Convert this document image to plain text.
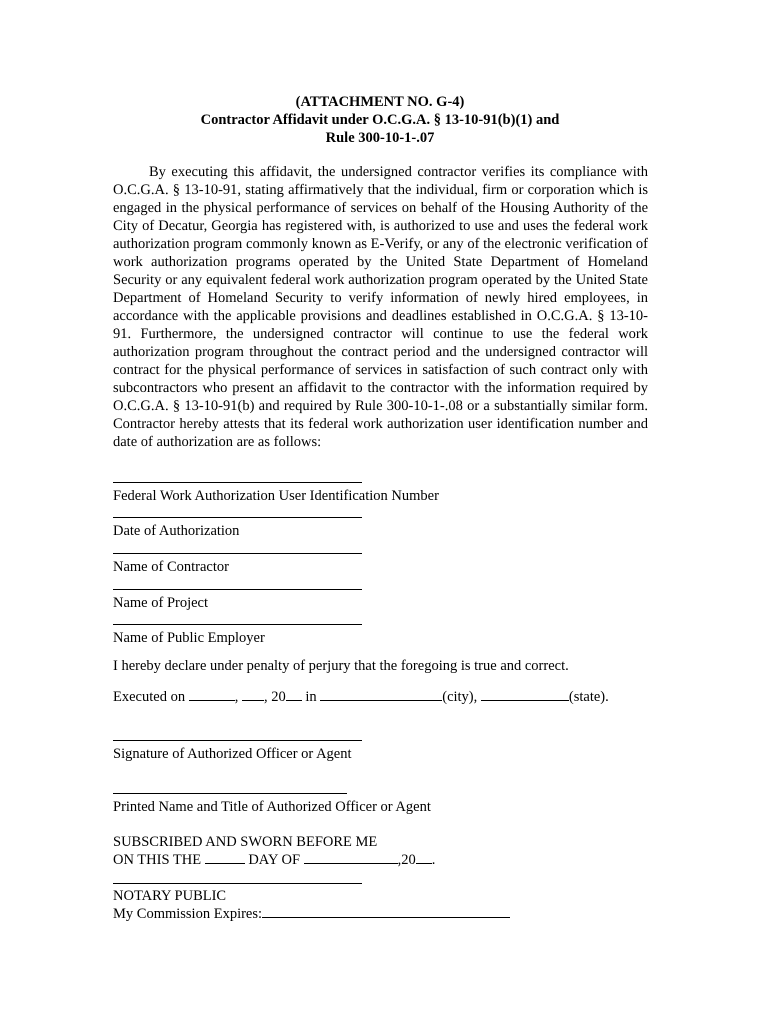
(ATTACHMENT NO. G-4)
Contractor Affidavit under O.C.G.A. § 13-10-91(b)(1) and
Rule 300-10-1-.07

By executing this affidavit, the undersigned contractor verifies its compliance with O.C.G.A. § 13-10-91, stating affirmatively that the individual, firm or corporation which is engaged in the physical performance of services on behalf of the Housing Authority of the City of Decatur, Georgia has registered with, is authorized to use and uses the federal work authorization program commonly known as E-Verify, or any of the electronic verification of work authorization programs operated by the United State Department of Homeland Security or any equivalent federal work authorization program operated by the United State Department of Homeland Security to verify information of newly hired employees, in accordance with the applicable provisions and deadlines established in O.C.G.A. § 13-10-91. Furthermore, the undersigned contractor will continue to use the federal work authorization program throughout the contract period and the undersigned contractor will contract for the physical performance of services in satisfaction of such contract only with subcontractors who present an affidavit to the contractor with the information required by O.C.G.A. § 13-10-91(b) and required by Rule 300-10-1-.08 or a substantially similar form. Contractor hereby attests that its federal work authorization user identification number and date of authorization are as follows:

Federal Work Authorization User Identification Number
Date of Authorization
Name of Contractor
Name of Project
Name of Public Employer
I hereby declare under penalty of perjury that the foregoing is true and correct.
Executed on	, , 20 in	(city),	(state).
Signature of Authorized Officer or Agent
Printed Name and Title of Authorized Officer or Agent
SUBSCRIBED AND SWORN BEFORE ME
ON THIS THE	DAY OF	,20 .
NOTARY PUBLIC
My Commission Expires:
